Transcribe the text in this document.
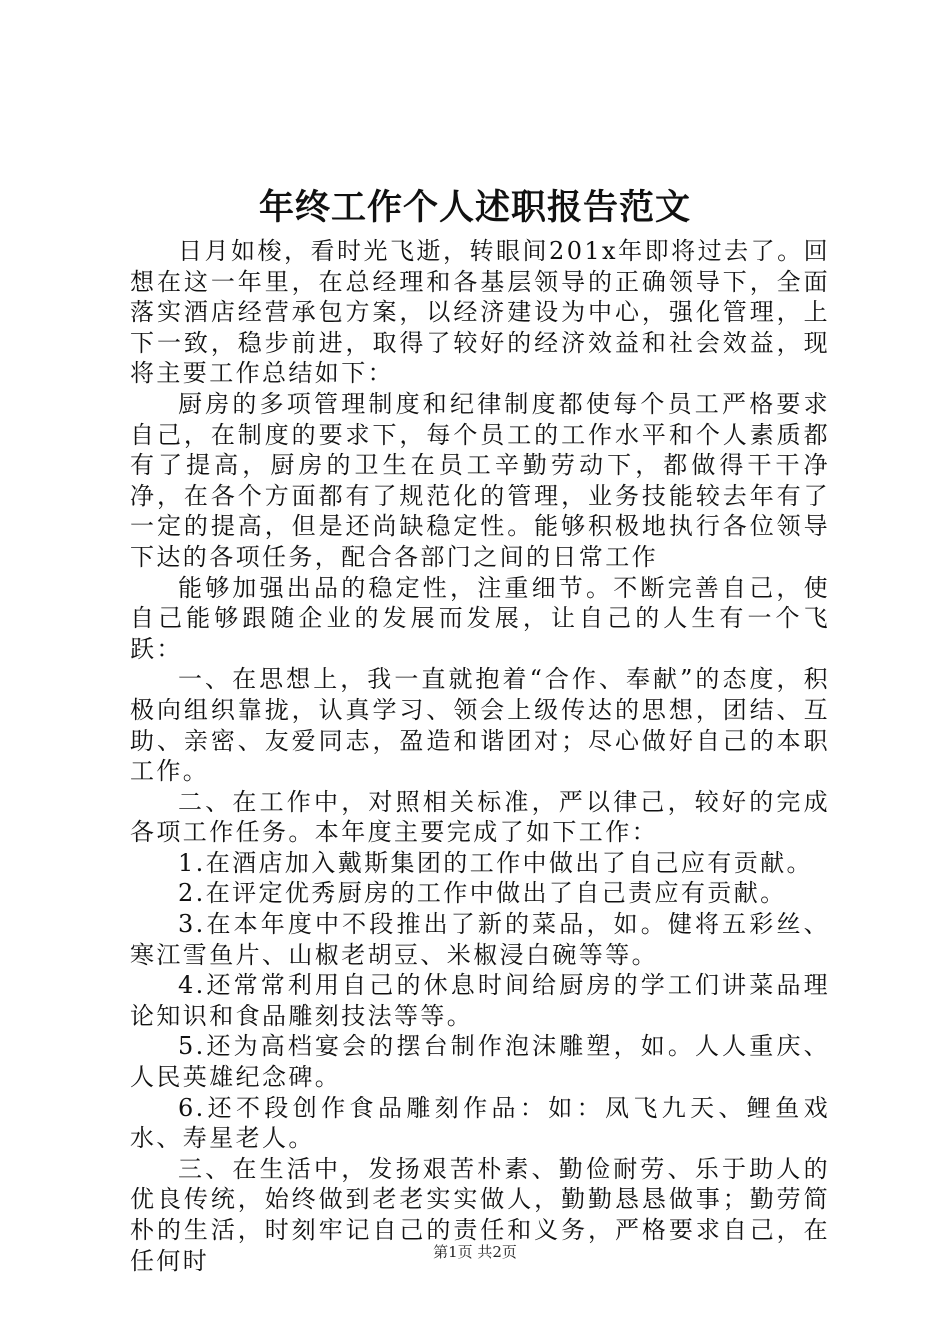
年终工作个人述职报告范文

日月如梭，看时光飞逝，转眼间201x年即将过去了。回想在这一年里，在总经理和各基层领导的正确领导下，全面落实酒店经营承包方案，以经济建设为中心，强化管理，上下一致，稳步前进，取得了较好的经济效益和社会效益，现将主要工作总结如下：

厨房的多项管理制度和纪律制度都使每个员工严格要求自己，在制度的要求下，每个员工的工作水平和个人素质都有了提高，厨房的卫生在员工辛勤劳动下，都做得干干净净，在各个方面都有了规范化的管理，业务技能较去年有了一定的提高，但是还尚缺稳定性。能够积极地执行各位领导下达的各项任务，配合各部门之间的日常工作

能够加强出品的稳定性，注重细节。不断完善自己，使自己能够跟随企业的发展而发展，让自己的人生有一个飞跃：

一、在思想上，我一直就抱着“合作、奉献”的态度，积极向组织靠拢，认真学习、领会上级传达的思想，团结、互助、亲密、友爱同志，盈造和谐团对；尽心做好自己的本职工作。

二、在工作中，对照相关标准，严以律己，较好的完成各项工作任务。本年度主要完成了如下工作：

1.在酒店加入戴斯集团的工作中做出了自己应有贡献。

2.在评定优秀厨房的工作中做出了自己责应有贡献。

3.在本年度中不段推出了新的菜品，如。健将五彩丝、寒江雪鱼片、山椒老胡豆、米椒浸白碗等等。

4.还常常利用自己的休息时间给厨房的学工们讲菜品理论知识和食品雕刻技法等等。

5.还为高档宴会的摆台制作泡沫雕塑，如。人人重庆、人民英雄纪念碑。

6.还不段创作食品雕刻作品：如：凤飞九天、鲤鱼戏水、寿星老人。

三、在生活中，发扬艰苦朴素、勤俭耐劳、乐于助人的优良传统，始终做到老老实实做人，勤勤恳恳做事；勤劳简朴的生活，时刻牢记自己的责任和义务，严格要求自己，在任何时	第1页 共2页
